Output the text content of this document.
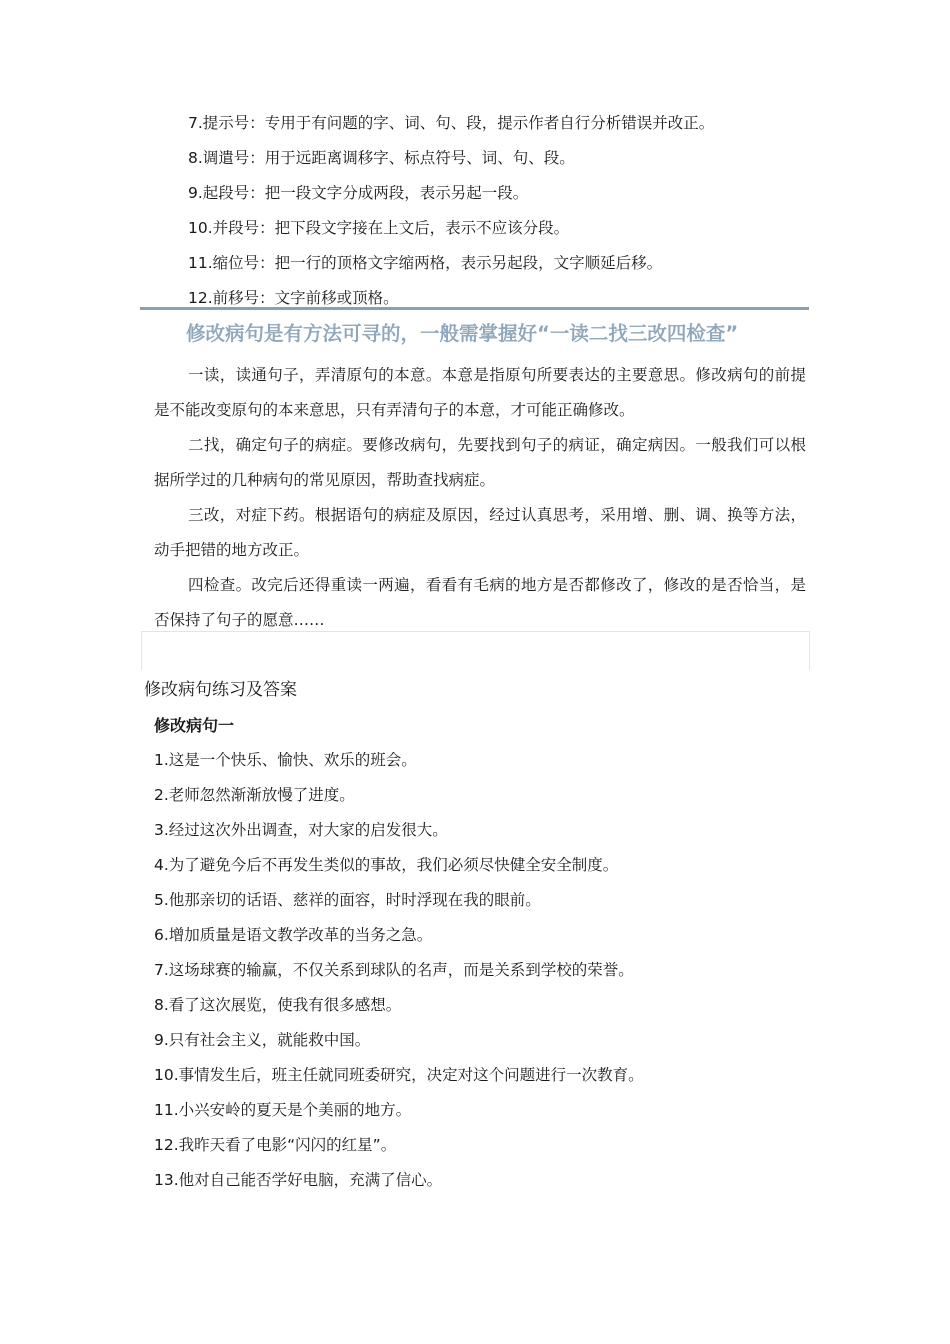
7.提示号：专用于有问题的字、词、句、段，提示作者自行分析错误并改正。
8.调遣号：用于远距离调移字、标点符号、词、句、段。
9.起段号：把一段文字分成两段，表示另起一段。
10.并段号：把下段文字接在上文后，表示不应该分段。
11.缩位号：把一行的顶格文字缩两格，表示另起段，文字顺延后移。
12.前移号：文字前移或顶格。
修改病句是有方法可寻的，一般需掌握好“一读二找三改四检查”

一读，读通句子，弄清原句的本意。本意是指原句所要表达的主要意思。修改病句的前提是不能改变原句的本来意思，只有弄清句子的本意，才可能正确修改。

二找，确定句子的病症。要修改病句，先要找到句子的病证，确定病因。一般我们可以根据所学过的几种病句的常见原因，帮助查找病症。

三改，对症下药。根据语句的病症及原因，经过认真思考，采用增、删、调、换等方法，动手把错的地方改正。

四检查。改完后还得重读一两遍，看看有毛病的地方是否都修改了，修改的是否恰当，是否保持了句子的愿意……

修改病句练习及答案
修改病句一
1.这是一个快乐、愉快、欢乐的班会。
2.老师忽然渐渐放慢了进度。
3.经过这次外出调查，对大家的启发很大。
4.为了避免今后不再发生类似的事故，我们必须尽快健全安全制度。
5.他那亲切的话语、慈祥的面容，时时浮现在我的眼前。
6.增加质量是语文教学改革的当务之急。
7.这场球赛的输赢，不仅关系到球队的名声，而是关系到学校的荣誉。
8.看了这次展览，使我有很多感想。
9.只有社会主义，就能救中国。
10.事情发生后，班主任就同班委研究，决定对这个问题进行一次教育。
11.小兴安岭的夏天是个美丽的地方。
12.我昨天看了电影“闪闪的红星”。
13.他对自己能否学好电脑，充满了信心。
